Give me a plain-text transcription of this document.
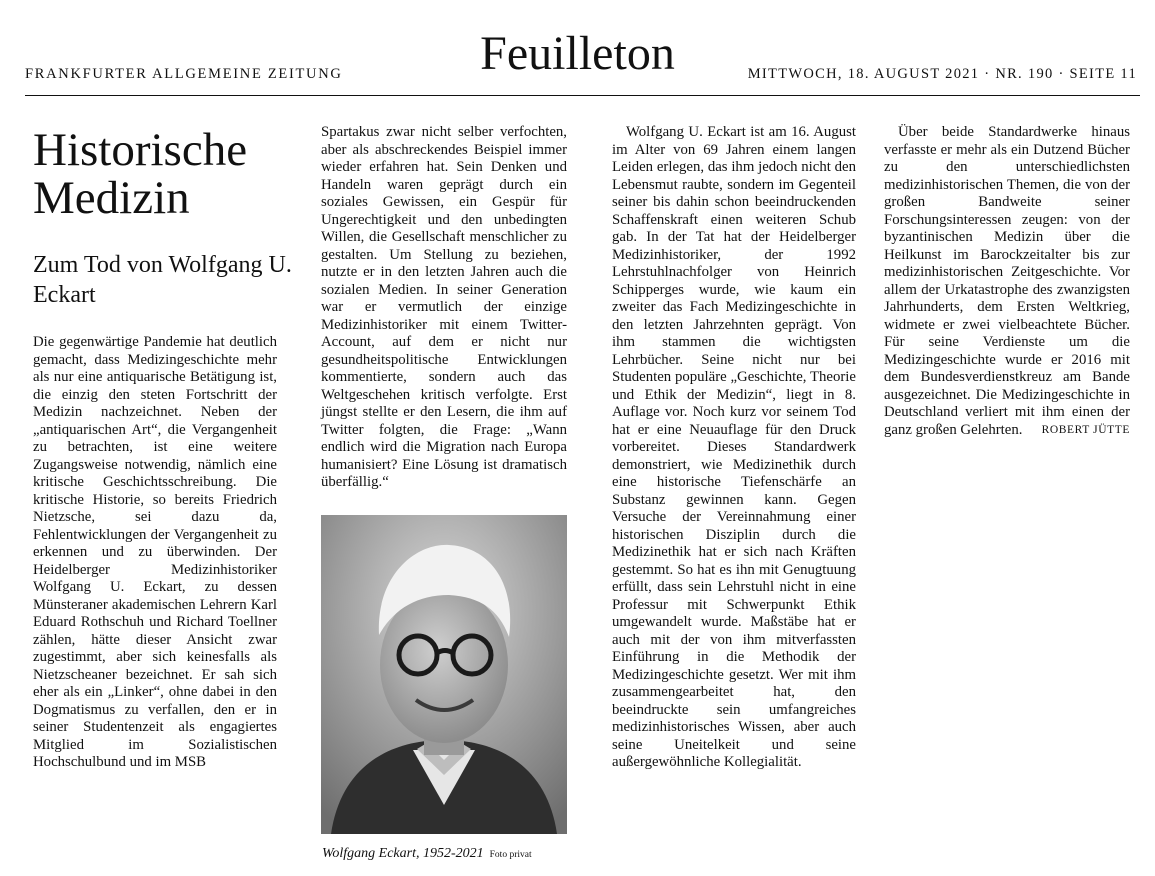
FRANKFURTER ALLGEMEINE ZEITUNG	Feuilleton	MITTWOCH, 18. AUGUST 2021 · NR. 190 · SEITE 11
Historische Medizin
Zum Tod von Wolfgang U. Eckart

Die gegenwärtige Pandemie hat deutlich gemacht, dass Medizingeschichte mehr als nur eine antiquarische Betätigung ist, die einzig den steten Fortschritt der Medizin nachzeichnet. Neben der „antiquarischen Art“, die Vergangenheit zu betrachten, ist eine weitere Zugangsweise notwendig, nämlich eine kritische Geschichtsschreibung. Die kritische Historie, so bereits Friedrich Nietzsche, sei dazu da, Fehlentwicklungen der Vergangenheit zu erkennen und zu überwinden. Der Heidelberger Medizinhistoriker Wolfgang U. Eckart, zu dessen Münsteraner akademischen Lehrern Karl Eduard Rothschuh und Richard Toellner zählen, hätte dieser Ansicht zwar zugestimmt, aber sich keinesfalls als Nietzscheaner bezeichnet. Er sah sich eher als ein „Linker“, ohne dabei in den Dogmatismus zu verfallen, den er in seiner Studentenzeit als engagiertes Mitglied im Sozialistischen Hochschulbund und im MSB

Spartakus zwar nicht selber verfochten, aber als abschreckendes Beispiel immer wieder erfahren hat. Sein Denken und Handeln waren geprägt durch ein soziales Gewissen, ein Gespür für Ungerechtigkeit und den unbedingten Willen, die Gesellschaft menschlicher zu gestalten. Um Stellung zu beziehen, nutzte er in den letzten Jahren auch die sozialen Medien. In seiner Generation war er vermutlich der einzige Medizinhistoriker mit einem Twitter-Account, auf dem er nicht nur gesundheitspolitische Entwicklungen kommentierte, sondern auch das Weltgeschehen kritisch verfolgte. Erst jüngst stellte er den Lesern, die ihm auf Twitter folgten, die Frage: „Wann endlich wird die Migration nach Europa humanisiert? Eine Lösung ist dramatisch überfällig.“

Wolfgang Eckart, 1952-2021 Foto privat

Wolfgang U. Eckart ist am 16. August im Alter von 69 Jahren einem langen Leiden erlegen, das ihm jedoch nicht den Lebensmut raubte, sondern im Gegenteil seiner bis dahin schon beeindruckenden Schaffenskraft einen weiteren Schub gab. In der Tat hat der Heidelberger Medizinhistoriker, der 1992 Lehrstuhlnachfolger von Heinrich Schipperges wurde, wie kaum ein zweiter das Fach Medizingeschichte in den letzten Jahrzehnten geprägt. Von ihm stammen die wichtigsten Lehrbücher. Seine nicht nur bei Studenten populäre „Geschichte, Theorie und Ethik der Medizin“, liegt in 8. Auflage vor. Noch kurz vor seinem Tod hat er eine Neuauflage für den Druck vorbereitet. Dieses Standardwerk demonstriert, wie Medizinethik durch eine historische Tiefenschärfe an Substanz gewinnen kann. Gegen Versuche der Vereinnahmung einer historischen Disziplin durch die Medizinethik hat er sich nach Kräften gestemmt. So hat es ihn mit Genugtuung erfüllt, dass sein Lehrstuhl nicht in eine Professur mit Schwerpunkt Ethik umgewandelt wurde. Maßstäbe hat er auch mit der von ihm mitverfassten Einführung in die Methodik der Medizingeschichte gesetzt. Wer mit ihm zusammengearbeitet hat, den beeindruckte sein umfangreiches medizinhistorisches Wissen, aber auch seine Uneitelkeit und seine außergewöhnliche Kollegialität.

Über beide Standardwerke hinaus verfasste er mehr als ein Dutzend Bücher zu den unterschiedlichsten medizinhistorischen Themen, die von der großen Bandweite seiner Forschungsinteressen zeugen: von der byzantinischen Medizin über die Heilkunst im Barockzeitalter bis zur medizinhistorischen Zeitgeschichte. Vor allem der Urkatastrophe des zwanzigsten Jahrhunderts, dem Ersten Weltkrieg, widmete er zwei vielbeachtete Bücher. Für seine Verdienste um die Medizingeschichte wurde er 2016 mit dem Bundesverdienstkreuz am Bande ausgezeichnet. Die Medizingeschichte in Deutschland verliert mit ihm einen der ganz großen Gelehrten.	ROBERT JÜTTE
